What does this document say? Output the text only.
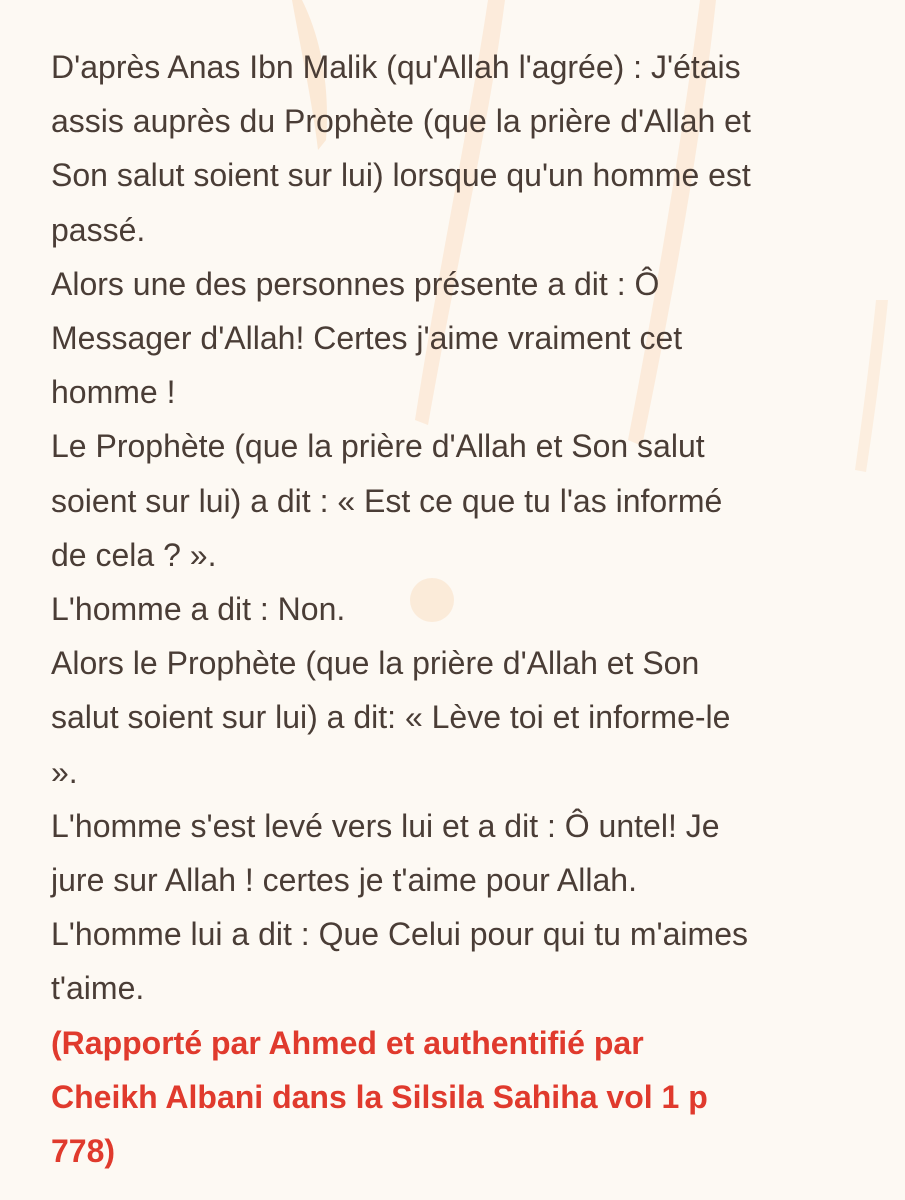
D'après Anas Ibn Malik (qu'Allah l'agrée) : J'étais
assis auprès du Prophète (que la prière d'Allah et
Son salut soient sur lui) lorsque qu'un homme est
passé.
Alors une des personnes présente a dit : Ô
Messager d'Allah! Certes j'aime vraiment cet
homme !
Le Prophète (que la prière d'Allah et Son salut
soient sur lui) a dit : « Est ce que tu l'as informé
de cela ? ».
L'homme a dit : Non.
Alors le Prophète (que la prière d'Allah et Son
salut soient sur lui) a dit: « Lève toi et informe-le
».
L'homme s'est levé vers lui et a dit : Ô untel! Je
jure sur Allah ! certes je t'aime pour Allah.
L'homme lui a dit : Que Celui pour qui tu m'aimes
t'aime.
(Rapporté par Ahmed et authentifié par
Cheikh Albani dans la Silsila Sahiha vol 1 p
778)
